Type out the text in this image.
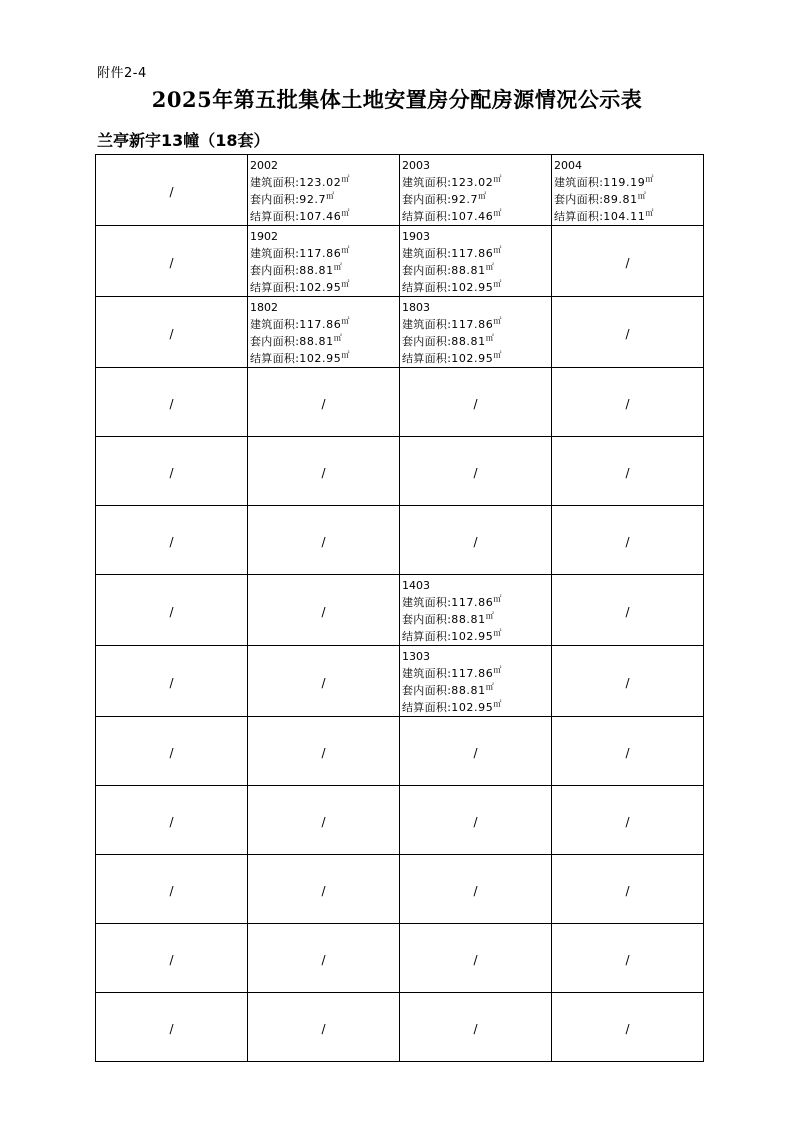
附件2-4
2025年第五批集体土地安置房分配房源情况公示表
兰亭新宇13幢（18套）
/	2002
建筑面积:123.02㎡
套内面积:92.7㎡
结算面积:107.46㎡	2003
建筑面积:123.02㎡
套内面积:92.7㎡
结算面积:107.46㎡	2004
建筑面积:119.19㎡
套内面积:89.81㎡
结算面积:104.11㎡

/	1902
建筑面积:117.86㎡
套内面积:88.81㎡
结算面积:102.95㎡	1903
建筑面积:117.86㎡
套内面积:88.81㎡
结算面积:102.95㎡	/
/	1802
建筑面积:117.86㎡
套内面积:88.81㎡
结算面积:102.95㎡	1803
建筑面积:117.86㎡
套内面积:88.81㎡
结算面积:102.95㎡	/
/	/	/	/
/	/	/	/
/	/	/	/
/	/	1403
建筑面积:117.86㎡
套内面积:88.81㎡
结算面积:102.95㎡	/
/	/	1303
建筑面积:117.86㎡
套内面积:88.81㎡
结算面积:102.95㎡	/
/	/	/	/
/	/	/	/
/	/	/	/
/	/	/	/
/	/	/	/
